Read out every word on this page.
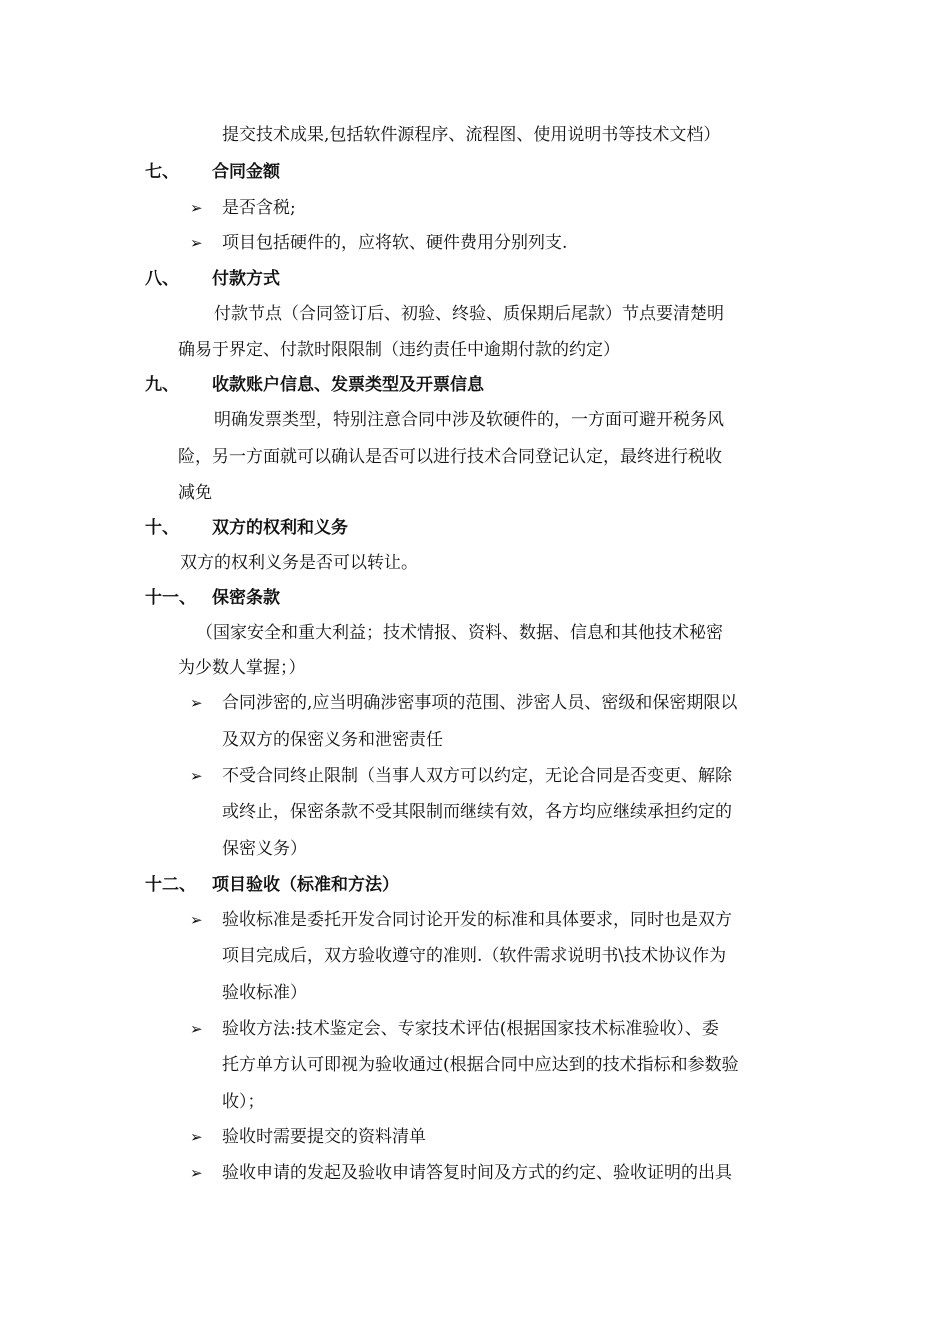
提交技术成果,包括软件源程序、流程图、使用说明书等技术文档）
七、 合同金额
➢ 是否含税;
➢ 项目包括硬件的，应将软、硬件费用分别列支.
八、 付款方式
付款节点（合同签订后、初验、终验、质保期后尾款）节点要清楚明
确易于界定、付款时限限制（违约责任中逾期付款的约定）
九、 收款账户信息、发票类型及开票信息
明确发票类型，特别注意合同中涉及软硬件的，一方面可避开税务风
险，另一方面就可以确认是否可以进行技术合同登记认定，最终进行税收
减免
十、 双方的权利和义务
双方的权利义务是否可以转让。
十一、 保密条款
（国家安全和重大利益；技术情报、资料、数据、信息和其他技术秘密
为少数人掌握；）
➢ 合同涉密的,应当明确涉密事项的范围、涉密人员、密级和保密期限以
及双方的保密义务和泄密责任
➢ 不受合同终止限制（当事人双方可以约定，无论合同是否变更、解除
或终止，保密条款不受其限制而继续有效，各方均应继续承担约定的
保密义务）
十二、 项目验收（标准和方法）
➢ 验收标准是委托开发合同讨论开发的标准和具体要求，同时也是双方
项目完成后，双方验收遵守的准则.（软件需求说明书\技术协议作为
验收标准）
➢ 验收方法:技术鉴定会、专家技术评估(根据国家技术标准验收）、委
托方单方认可即视为验收通过(根据合同中应达到的技术指标和参数验
收）；
➢ 验收时需要提交的资料清单
➢ 验收申请的发起及验收申请答复时间及方式的约定、验收证明的出具
